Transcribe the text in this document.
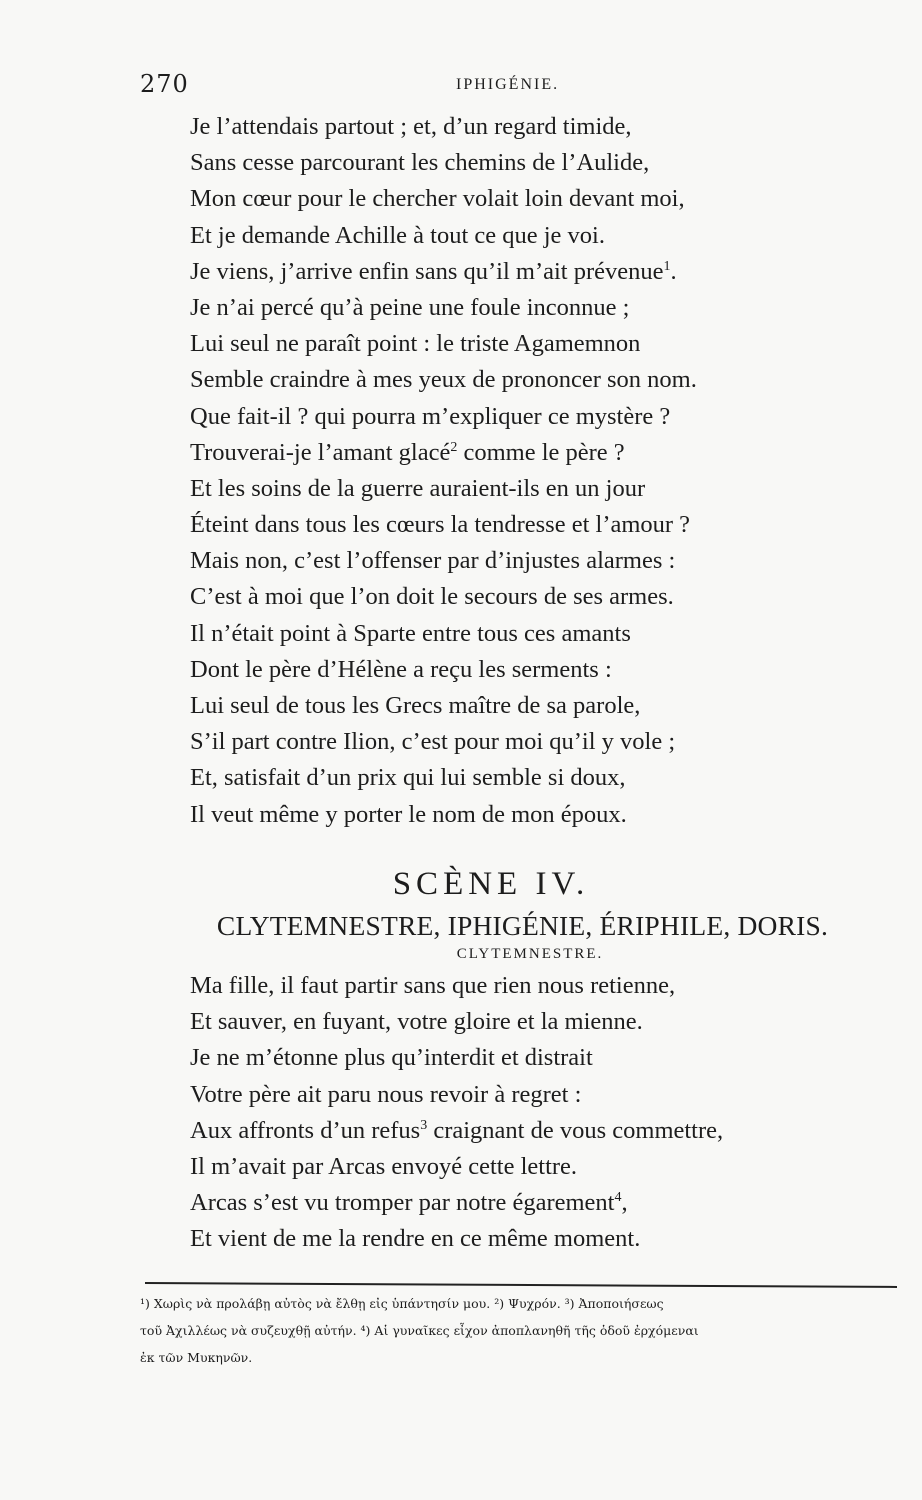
270	IPHIGÉNIE.
Je l’attendais partout ; et, d’un regard timide,
Sans cesse parcourant les chemins de l’Aulide,
Mon cœur pour le chercher volait loin devant moi,
Et je demande Achille à tout ce que je voi.
Je viens, j’arrive enfin sans qu’il m’ait prévenue$^1$.
Je n’ai percé qu’à peine une foule inconnue ;
Lui seul ne paraît point : le triste Agamemnon
Semble craindre à mes yeux de prononcer son nom.
Que fait-il ? qui pourra m’expliquer ce mystère ?
Trouverai-je l’amant glacé$^2$ comme le père ?
Et les soins de la guerre auraient-ils en un jour
Éteint dans tous les cœurs la tendresse et l’amour ?
Mais non, c’est l’offenser par d’injustes alarmes :
C’est à moi que l’on doit le secours de ses armes.
Il n’était point à Sparte entre tous ces amants
Dont le père d’Hélène a reçu les serments :
Lui seul de tous les Grecs maître de sa parole,
S’il part contre Ilion, c’est pour moi qu’il y vole ;
Et, satisfait d’un prix qui lui semble si doux,
Il veut même y porter le nom de mon époux.
SCÈNE IV.
CLYTEMNESTRE, IPHIGÉNIE, ÉRIPHILE, DORIS.
CLYTEMNESTRE.
Ma fille, il faut partir sans que rien nous retienne,
Et sauver, en fuyant, votre gloire et la mienne.
Je ne m’étonne plus qu’interdit et distrait
Votre père ait paru nous revoir à regret :
Aux affronts d’un refus$^3$ craignant de vous commettre,
Il m’avait par Arcas envoyé cette lettre.
Arcas s’est vu tromper par notre égarement$^4$,
Et vient de me la rendre en ce même moment.
¹) Χωρὶς νὰ προλάβῃ αὐτὸς νὰ ἔλθῃ εἰς ὑπάντησίν μου. ²) Ψυχρόν. ³) Ἀποποιήσεως
τοῦ Ἀχιλλέως νὰ συζευχθῇ αὐτήν. ⁴) Αἱ γυναῖκες εἶχον ἀποπλανηθῆ τῆς ὁδοῦ ἐρχόμεναι
ἐκ τῶν Μυκηνῶν.
